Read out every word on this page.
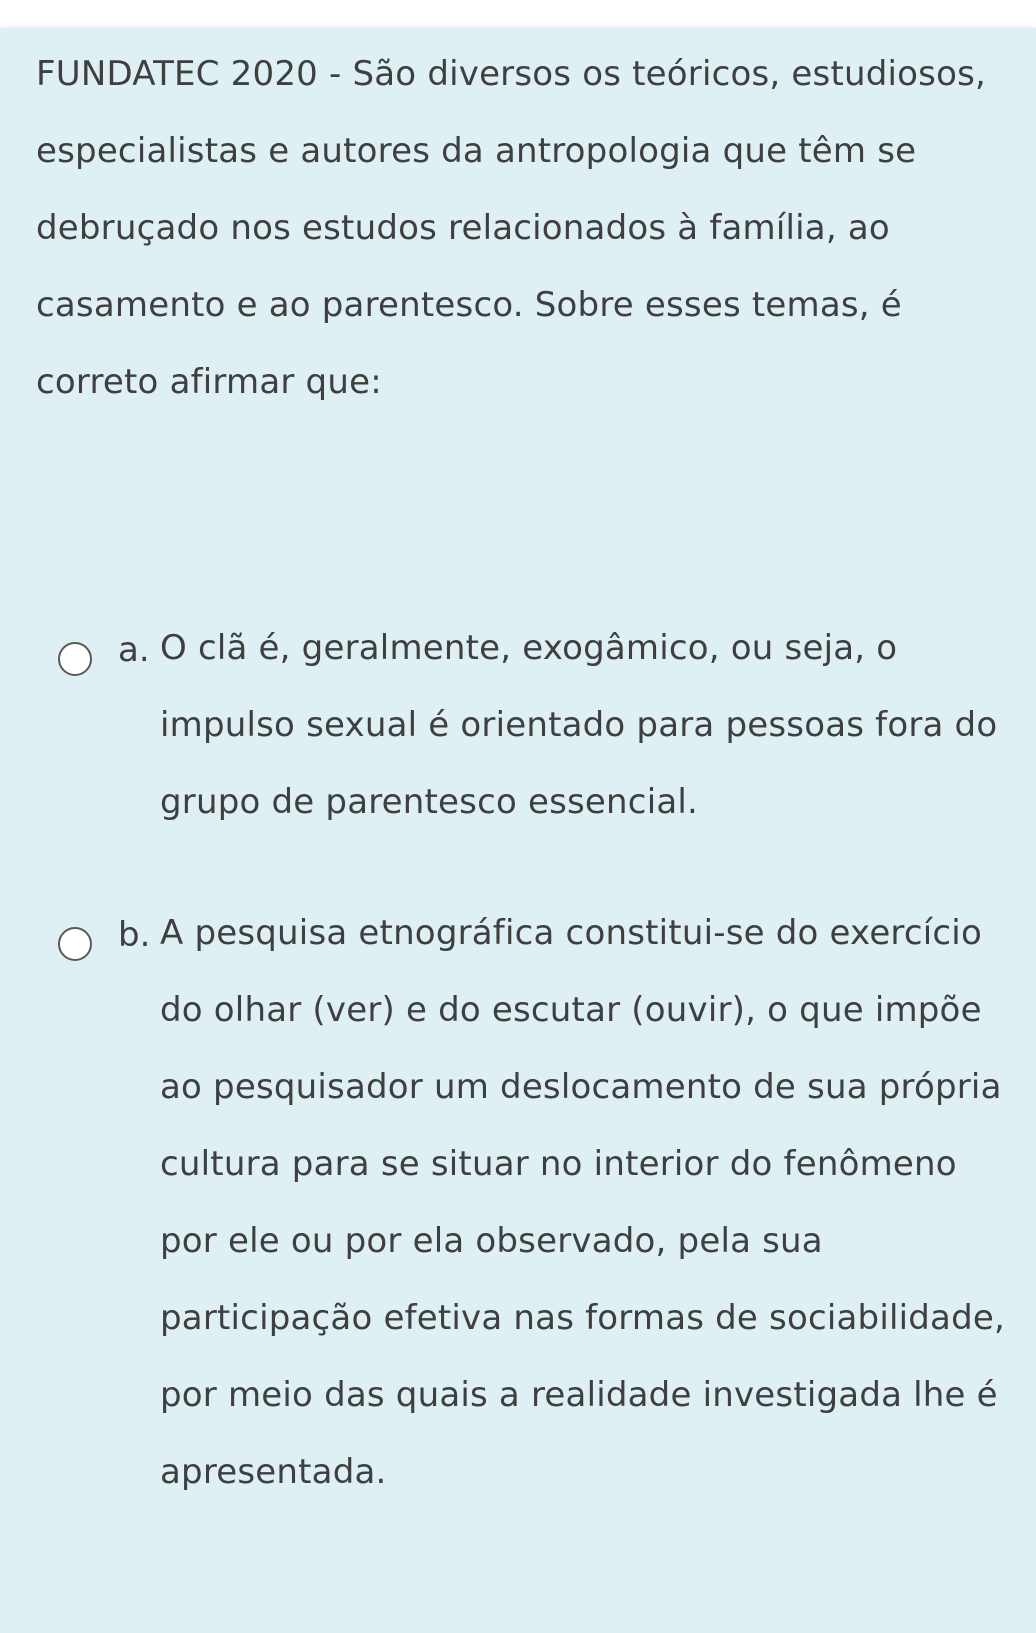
FUNDATEC 2020 - São diversos os teóricos, estudiosos, especialistas e autores da antropologia que têm se debruçado nos estudos relacionados à família, ao casamento e ao parentesco. Sobre esses temas, é correto afirmar que:

a. O clã é, geralmente, exogâmico, ou seja, o impulso sexual é orientado para pessoas fora do grupo de parentesco essencial.

b. A pesquisa etnográfica constitui-se do exercício do olhar (ver) e do escutar (ouvir), o que impõe ao pesquisador um deslocamento de sua própria cultura para se situar no interior do fenômeno por ele ou por ela observado, pela sua participação efetiva nas formas de sociabilidade, por meio das quais a realidade investigada lhe é apresentada.
